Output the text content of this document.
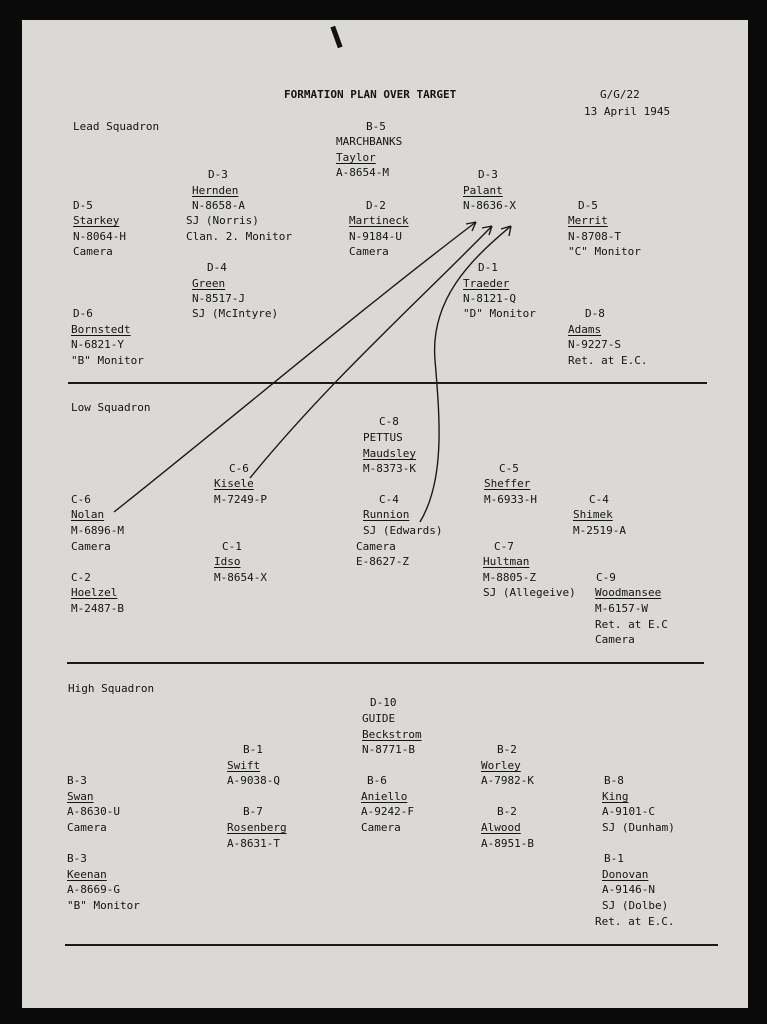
FORMATION PLAN OVER TARGET	G/G/22
13 April 1945
Lead Squadron	B-5
MARCHBANKS
Taylor
A-8654-M
D-3
Hernden
N-8658-A
SJ (Norris)
Clan. 2. Monitor
D-3
Palant
N-8636-X
D-5
Starkey
N-8064-H
Camera
D-2
Martineck
N-9184-U
Camera
D-5
Merrit
N-8708-T
"C" Monitor
D-4
Green
N-8517-J
SJ (McIntyre)
D-1
Traeder
N-8121-Q
"D" Monitor
D-6
Bornstedt
N-6821-Y
"B" Monitor
D-8
Adams
N-9227-S
Ret. at E.C.
Low Squadron
C-8
PETTUS
Maudsley
M-8373-K
C-6
Kisele
M-7249-P
C-5
Sheffer
M-6933-H
C-6
Nolan
M-6896-M
Camera
C-4
Runnion
SJ (Edwards)
Camera
E-8627-Z
C-4
Shimek
M-2519-A
C-1
Idso
M-8654-X
C-7
Hultman
M-8805-Z
SJ (Allegeive)
C-2
Hoelzel
M-2487-B
C-9
Woodmansee
M-6157-W
Ret. at E.C
Camera
High Squadron
D-10
GUIDE
Beckstrom
N-8771-B
B-1
Swift
A-9038-Q
B-2
Worley
A-7982-K
B-3
Swan
A-8630-U
Camera
B-6
Aniello
A-9242-F
Camera
B-8
King
A-9101-C
SJ (Dunham)
B-7
Rosenberg
A-8631-T
B-2
Alwood
A-8951-B
B-3
Keenan
A-8669-G
"B" Monitor
B-1
Donovan
A-9146-N
SJ (Dolbe)
Ret. at E.C.
